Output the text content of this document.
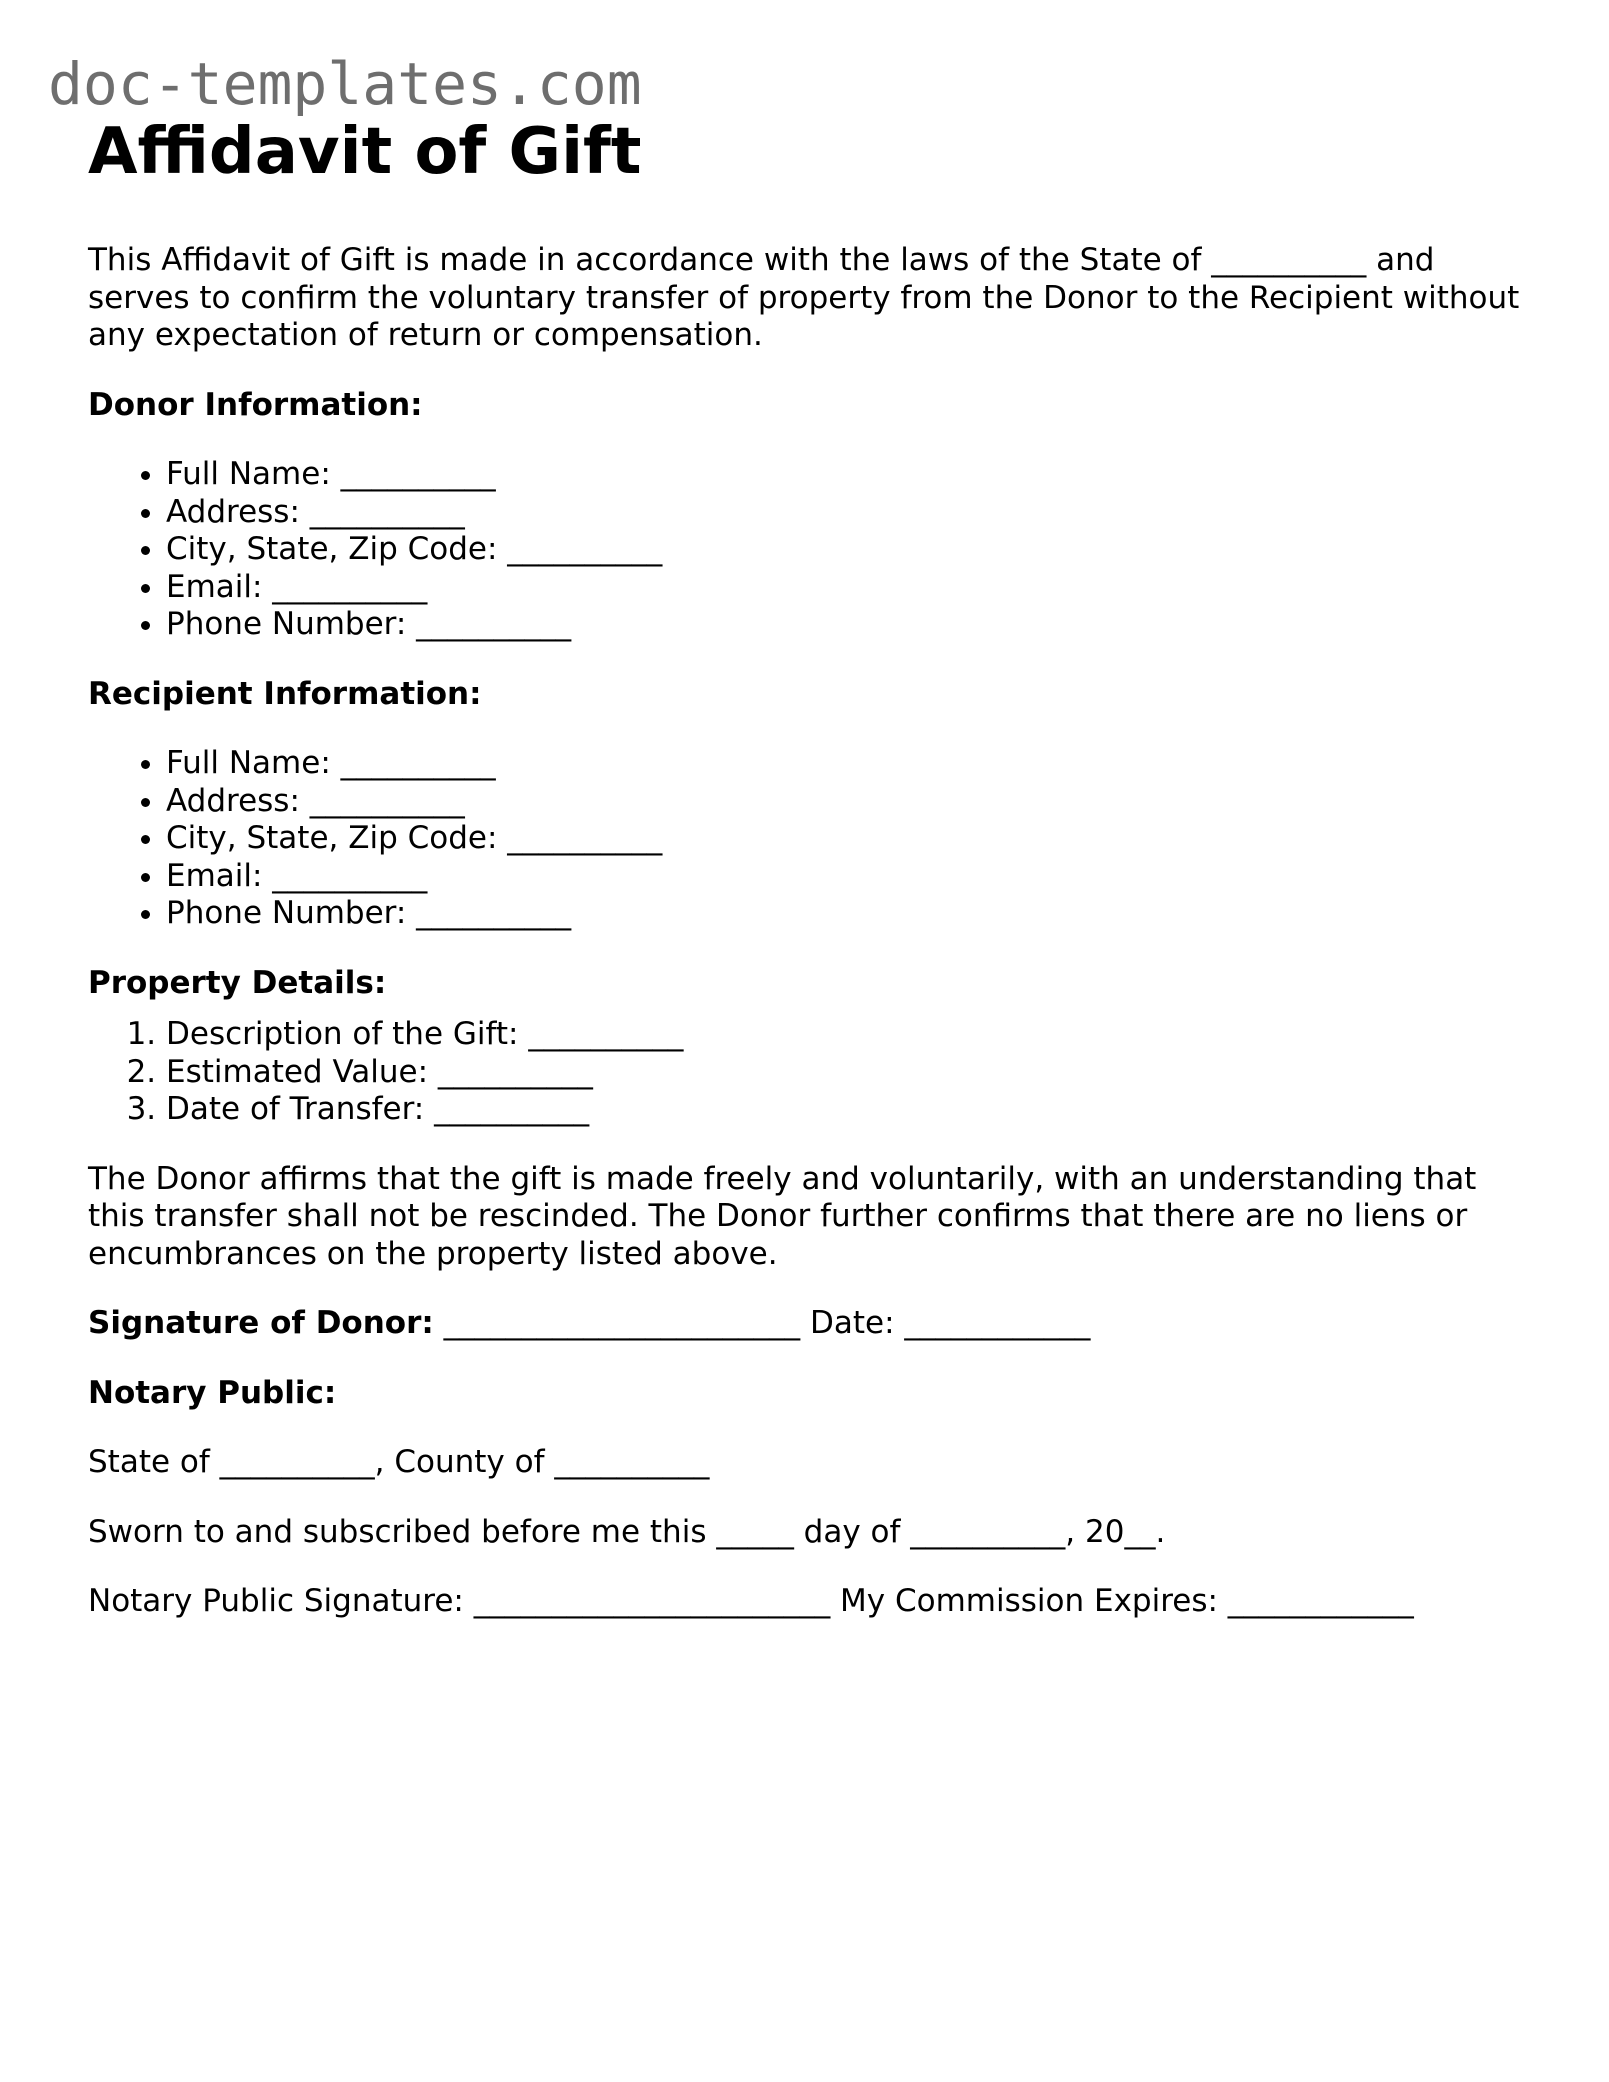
doc-templates.com
Affidavit of Gift

This Affidavit of Gift is made in accordance with the laws of the State of __________ and serves to confirm the voluntary transfer of property from the Donor to the Recipient without any expectation of return or compensation.

Donor Information:

• Full Name: __________
• Address: __________
• City, State, Zip Code: __________
• Email: __________
• Phone Number: __________

Recipient Information:

• Full Name: __________
• Address: __________
• City, State, Zip Code: __________
• Email: __________
• Phone Number: __________

Property Details:

1. Description of the Gift: __________
2. Estimated Value: __________
3. Date of Transfer: __________

The Donor affirms that the gift is made freely and voluntarily, with an understanding that this transfer shall not be rescinded. The Donor further confirms that there are no liens or encumbrances on the property listed above.

Signature of Donor: _______________________ Date: ____________

Notary Public:

State of __________, County of __________

Sworn to and subscribed before me this _____ day of __________, 20__.

Notary Public Signature: _______________________ My Commission Expires: ____________
